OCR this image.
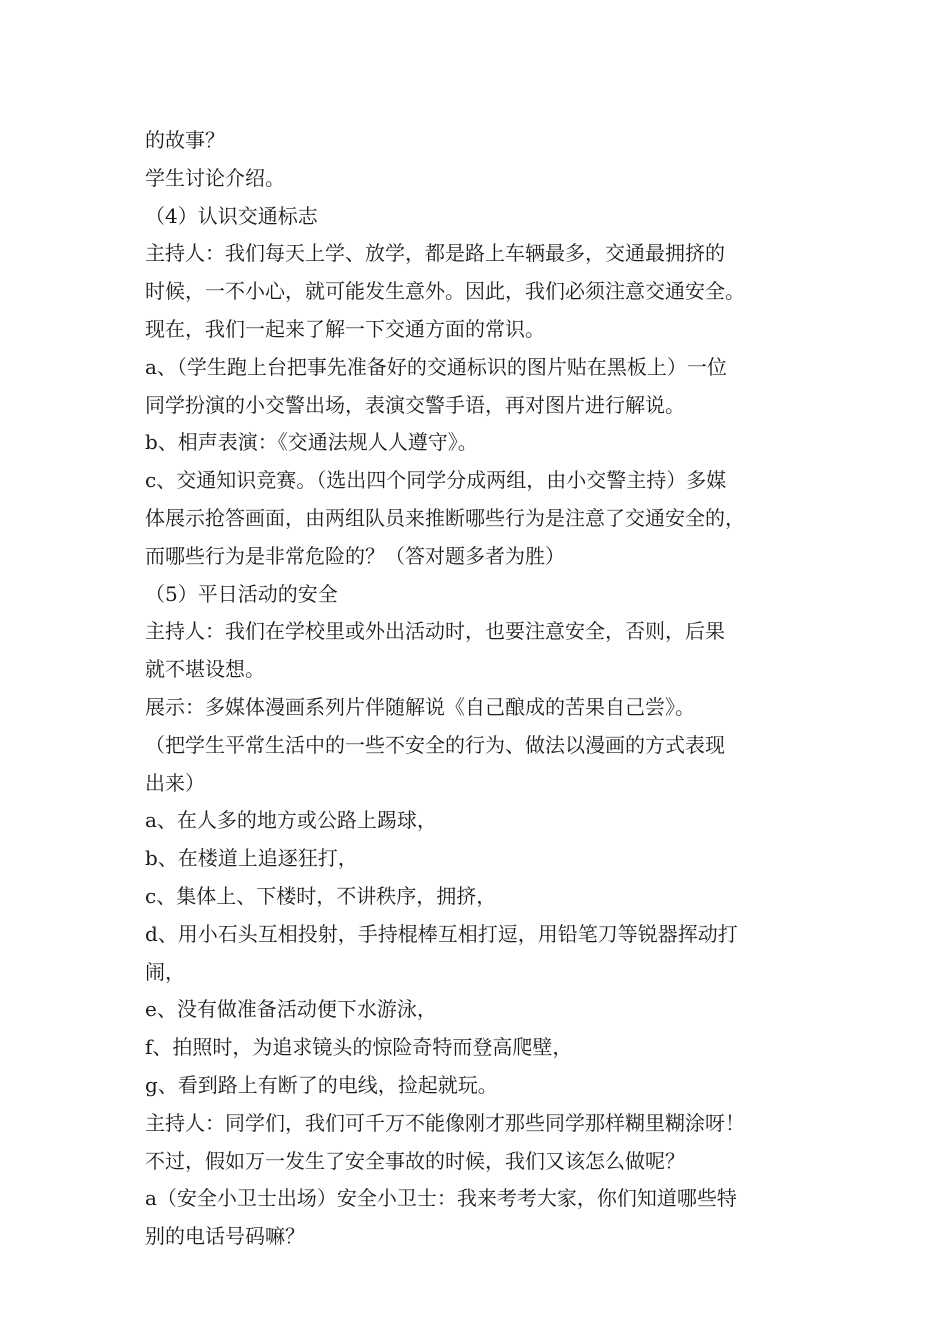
的故事？
学生讨论介绍。
（4）认识交通标志
主持人：我们每天上学、放学，都是路上车辆最多，交通最拥挤的
时候，一不小心，就可能发生意外。因此，我们必须注意交通安全。
现在，我们一起来了解一下交通方面的常识。
a、（学生跑上台把事先准备好的交通标识的图片贴在黑板上）一位
同学扮演的小交警出场，表演交警手语，再对图片进行解说。
b、相声表演：《交通法规人人遵守》。
c、交通知识竞赛。（选出四个同学分成两组，由小交警主持）多媒
体展示抢答画面，由两组队员来推断哪些行为是注意了交通安全的，
而哪些行为是非常危险的？（答对题多者为胜）
（5）平日活动的安全
主持人：我们在学校里或外出活动时，也要注意安全，否则，后果
就不堪设想。
展示：多媒体漫画系列片伴随解说《自己酿成的苦果自己尝》。
（把学生平常生活中的一些不安全的行为、做法以漫画的方式表现
出来）
a、在人多的地方或公路上踢球，
b、在楼道上追逐狂打，
c、集体上、下楼时，不讲秩序，拥挤，
d、用小石头互相投射，手持棍棒互相打逗，用铅笔刀等锐器挥动打
闹，
e、没有做准备活动便下水游泳，
f、拍照时，为追求镜头的惊险奇特而登高爬壁，
g、看到路上有断了的电线，捡起就玩。
主持人：同学们，我们可千万不能像刚才那些同学那样糊里糊涂呀！
不过，假如万一发生了安全事故的时候，我们又该怎么做呢？
a（安全小卫士出场）安全小卫士：我来考考大家，你们知道哪些特
别的电话号码嘛？
